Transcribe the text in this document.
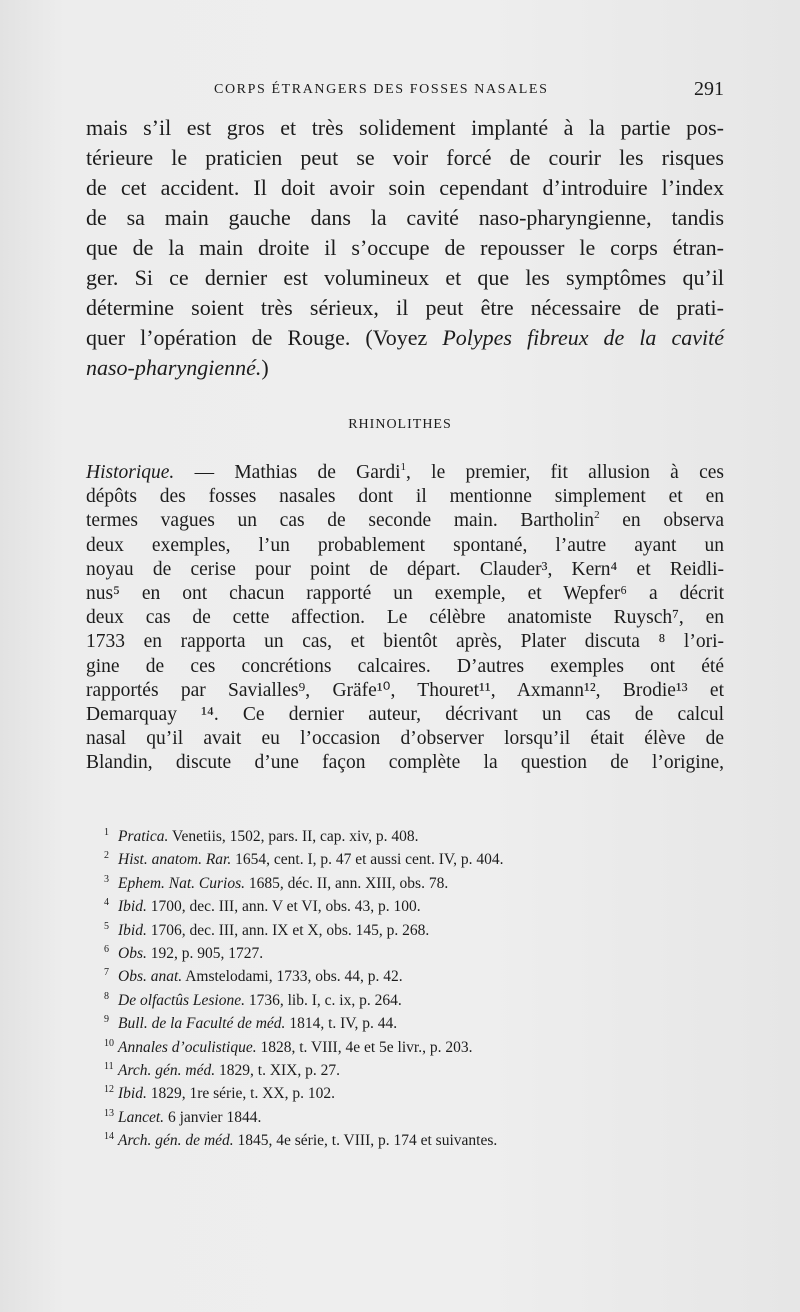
CORPS ÉTRANGERS DES FOSSES NASALES	291
mais s’il est gros et très solidement implanté à la partie pos-
térieure le praticien peut se voir forcé de courir les risques
de cet accident. Il doit avoir soin cependant d’introduire l’index
de sa main gauche dans la cavité naso-pharyngienne, tandis
que de la main droite il s’occupe de repousser le corps étran-
ger. Si ce dernier est volumineux et que les symptômes qu’il
détermine soient très sérieux, il peut être nécessaire de prati-
quer l’opération de Rouge. (Voyez Polypes fibreux de la cavité
naso-pharyngienné.)
RHINOLITHES
Historique. — Mathias de Gardi$^1$, le premier, fit allusion à ces
dépôts des fosses nasales dont il mentionne simplement et en
termes vagues un cas de seconde main. Bartholin$^2$ en observa
deux exemples, l’un probablement spontané, l’autre ayant un
noyau de cerise pour point de départ. Clauder³, Kern⁴ et Reidli-
nus⁵ en ont chacun rapporté un exemple, et Wepfer⁶ a décrit
deux cas de cette affection. Le célèbre anatomiste Ruysch⁷, en
1733 en rapporta un cas, et bientôt après, Plater discuta ⁸ l’ori-
gine de ces concrétions calcaires. D’autres exemples ont été
rapportés par Savialles⁹, Gräfe¹⁰, Thouret¹¹, Axmann¹², Brodie¹³ et
Demarquay ¹⁴. Ce dernier auteur, décrivant un cas de calcul
nasal qu’il avait eu l’occasion d’observer lorsqu’il était élève de
Blandin, discute d’une façon complète la question de l’origine,
1 Pratica. Venetiis, 1502, pars. II, cap. xiv, p. 408.
2 Hist. anatom. Rar. 1654, cent. I, p. 47 et aussi cent. IV, p. 404.
3 Ephem. Nat. Curios. 1685, déc. II, ann. XIII, obs. 78.
4 Ibid. 1700, dec. III, ann. V et VI, obs. 43, p. 100.
5 Ibid. 1706, dec. III, ann. IX et X, obs. 145, p. 268.
6 Obs. 192, p. 905, 1727.
7 Obs. anat. Amstelodami, 1733, obs. 44, p. 42.
8 De olfactûs Lesione. 1736, lib. I, c. ix, p. 264.
9 Bull. de la Faculté de méd. 1814, t. IV, p. 44.
10 Annales d’oculistique. 1828, t. VIII, 4e et 5e livr., p. 203.
11 Arch. gén. méd. 1829, t. XIX, p. 27.
12 Ibid. 1829, 1re série, t. XX, p. 102.
13 Lancet. 6 janvier 1844.
14 Arch. gén. de méd. 1845, 4e série, t. VIII, p. 174 et suivantes.
